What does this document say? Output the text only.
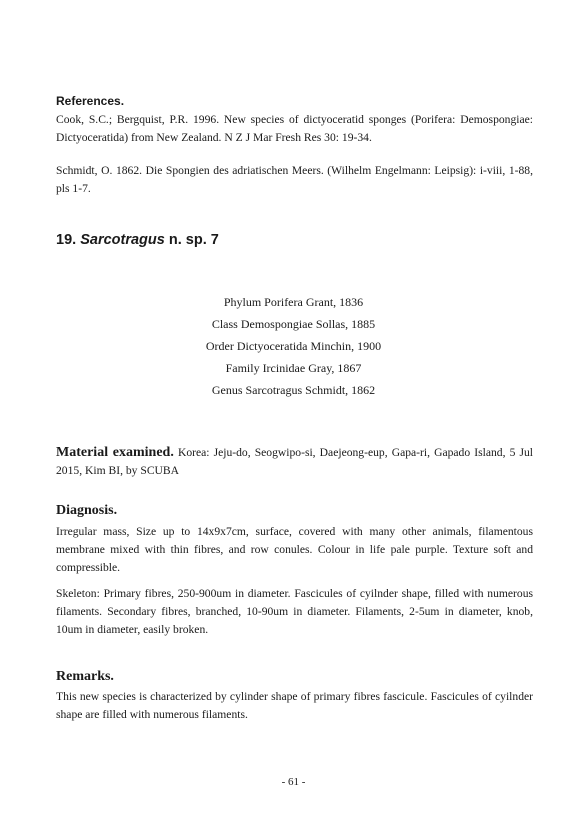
References.
Cook, S.C.; Bergquist, P.R. 1996. New species of dictyoceratid sponges (Porifera: Demospongiae: Dictyoceratida) from New Zealand. N Z J Mar Fresh Res 30: 19-34.
Schmidt, O. 1862. Die Spongien des adriatischen Meers. (Wilhelm Engelmann: Leipsig): i-viii, 1-88, pls 1-7.
19. Sarcotragus n. sp. 7
Phylum Porifera Grant, 1836
Class Demospongiae Sollas, 1885
Order Dictyoceratida Minchin, 1900
Family Ircinidae Gray, 1867
Genus Sarcotragus Schmidt, 1862
Material examined. Korea: Jeju-do, Seogwipo-si, Daejeong-eup, Gapa-ri, Gapado Island, 5 Jul 2015, Kim BI, by SCUBA
Diagnosis.
Irregular mass, Size up to 14x9x7cm, surface, covered with many other animals, filamentous membrane mixed with thin fibres, and row conules. Colour in life pale purple. Texture soft and compressible.
Skeleton: Primary fibres, 250-900um in diameter. Fascicules of cyilnder shape, filled with numerous filaments. Secondary fibres, branched, 10-90um in diameter. Filaments, 2-5um in diameter, knob, 10um in diameter, easily broken.
Remarks.
This new species is characterized by cylinder shape of primary fibres fascicule. Fascicules of cyilnder shape are filled with numerous filaments.
- 61 -
